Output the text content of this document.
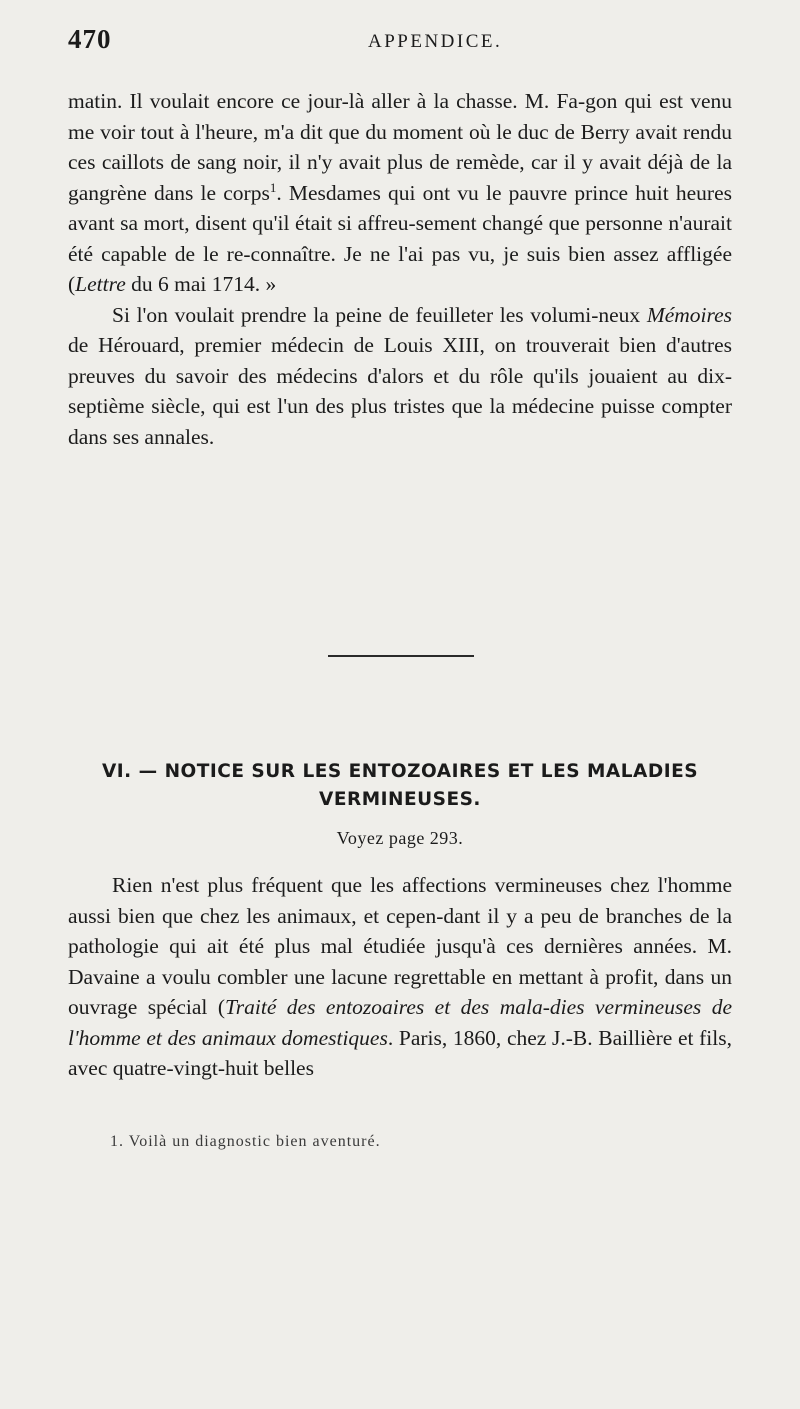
470	APPENDICE.

matin. Il voulait encore ce jour-là aller à la chasse. M. Fa-gon qui est venu me voir tout à l'heure, m'a dit que du moment où le duc de Berry avait rendu ces caillots de sang noir, il n'y avait plus de remède, car il y avait déjà de la gangrène dans le corps$^1$. Mesdames qui ont vu le pauvre prince huit heures avant sa mort, disent qu'il était si affreu-sement changé que personne n'aurait été capable de le re-connaître. Je ne l'ai pas vu, je suis bien assez affligée (Lettre du 6 mai 1714. »

Si l'on voulait prendre la peine de feuilleter les volumi-neux Mémoires de Hérouard, premier médecin de Louis XIII, on trouverait bien d'autres preuves du savoir des médecins d'alors et du rôle qu'ils jouaient au dix-septième siècle, qui est l'un des plus tristes que la médecine puisse compter dans ses annales.

VI. — NOTICE SUR LES ENTOZOAIRES ET LES MALADIES VERMINEUSES.
Voyez page 293.

Rien n'est plus fréquent que les affections vermineuses chez l'homme aussi bien que chez les animaux, et cepen-dant il y a peu de branches de la pathologie qui ait été plus mal étudiée jusqu'à ces dernières années. M. Davaine a voulu combler une lacune regrettable en mettant à profit, dans un ouvrage spécial (Traité des entozoaires et des mala-dies vermineuses de l'homme et des animaux domestiques. Paris, 1860, chez J.-B. Baillière et fils, avec quatre-vingt-huit belles

1. Voilà un diagnostic bien aventuré.
